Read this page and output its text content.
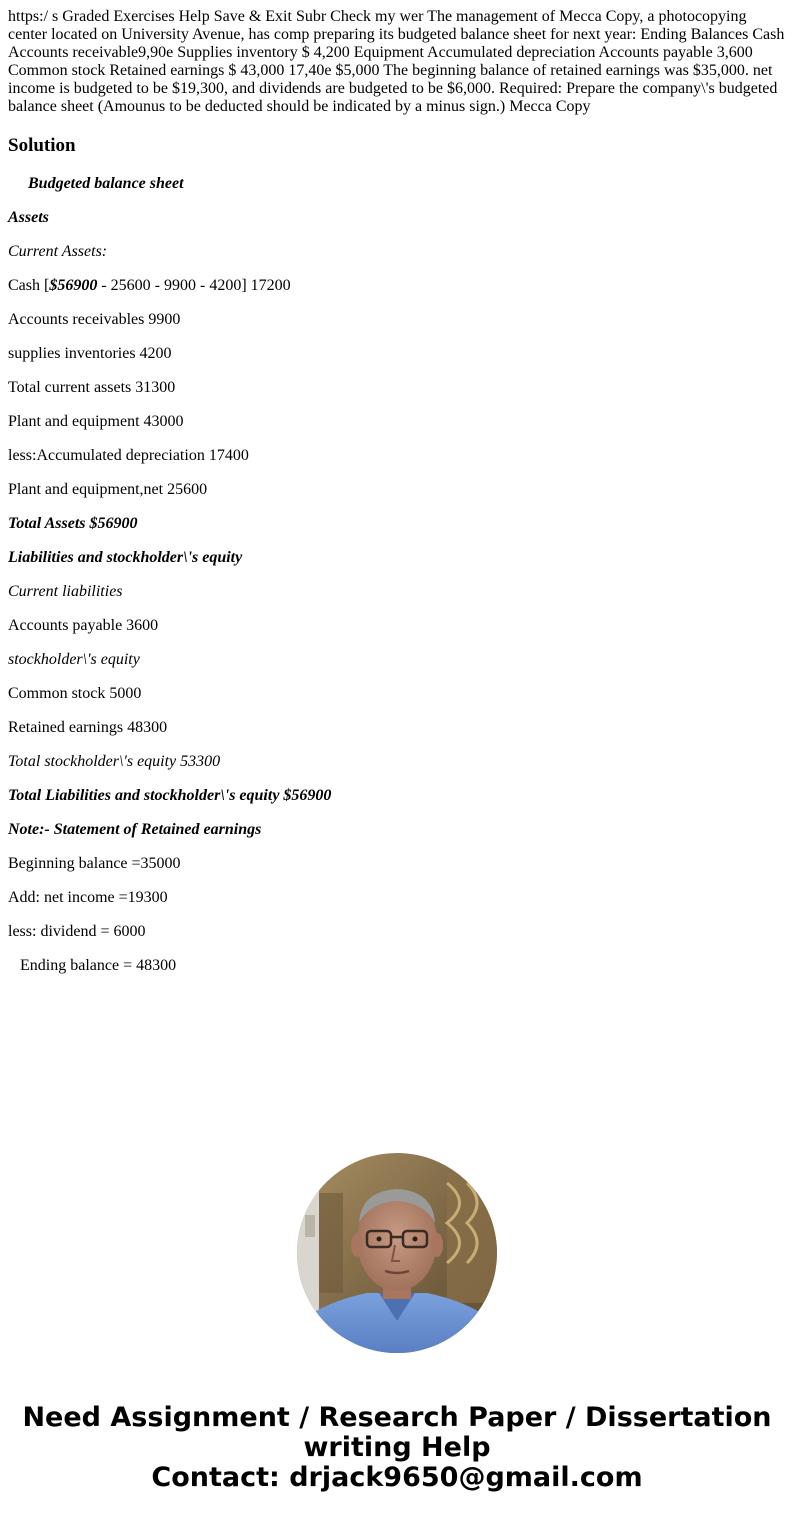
https:/ s Graded Exercises Help Save & Exit Subr Check my wer The management of Mecca Copy, a photocopying center located on University Avenue, has comp preparing its budgeted balance sheet for next year: Ending Balances Cash Accounts receivable9,90e Supplies inventory $ 4,200 Equipment Accumulated depreciation Accounts payable 3,600 Common stock Retained earnings $ 43,000 17,40e $5,000 The beginning balance of retained earnings was $35,000. net income is budgeted to be $19,300, and dividends are budgeted to be $6,000. Required: Prepare the company\'s budgeted balance sheet (Amounus to be deducted should be indicated by a minus sign.) Mecca Copy

Solution

Budgeted balance sheet

Assets

Current Assets:

Cash [$56900 - 25600 - 9900 - 4200] 17200

Accounts receivables 9900

supplies inventories 4200

Total current assets 31300

Plant and equipment 43000

less:Accumulated depreciation 17400

Plant and equipment,net 25600

Total Assets $56900

Liabilities and stockholder\'s equity

Current liabilities

Accounts payable 3600

stockholder\'s equity

Common stock 5000

Retained earnings 48300

Total stockholder\'s equity 53300

Total Liabilities and stockholder\'s equity $56900

Note:- Statement of Retained earnings

Beginning balance =35000

Add: net income =19300

less: dividend = 6000

Ending balance = 48300

Need Assignment / Research Paper / Dissertation
writing Help
Contact: drjack9650@gmail.com
